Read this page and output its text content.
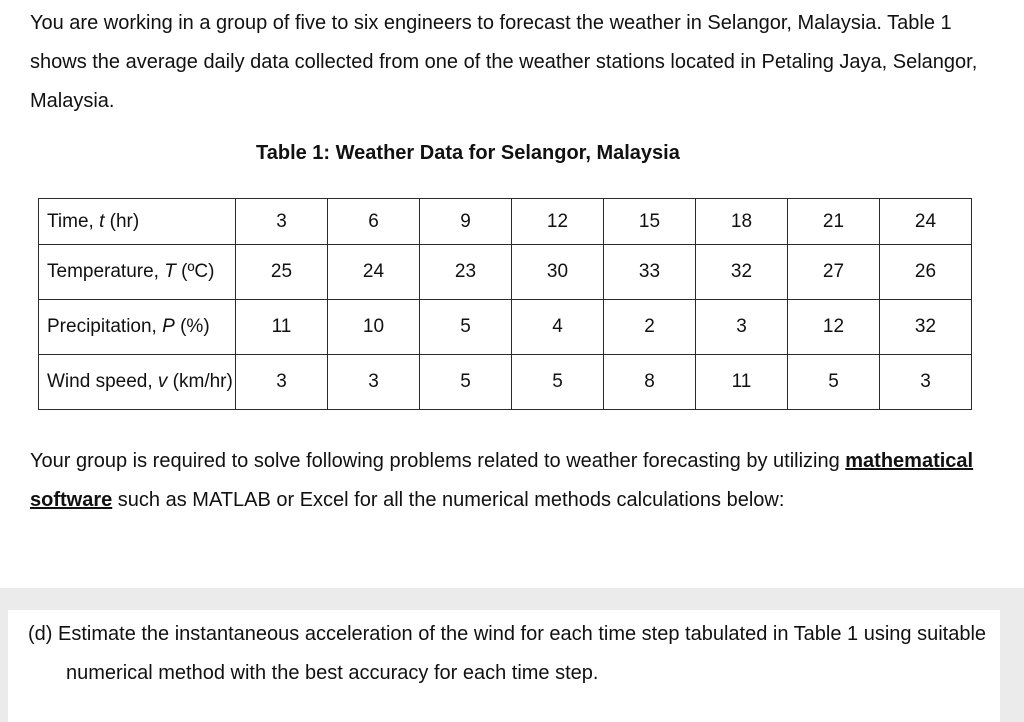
You are working in a group of five to six engineers to forecast the weather in Selangor, Malaysia. Table 1 shows the average daily data collected from one of the weather stations located in Petaling Jaya, Selangor, Malaysia.

Table 1: Weather Data for Selangor, Malaysia

Time, t (hr)	3	6	9	12	15	18	21	24
Temperature, T (ºC)	25	24	23	30	33	32	27	26
Precipitation, P (%)	11	10	5	4	2	3	12	32
Wind speed, v (km/hr)	3	3	5	5	8	11	5	3

Your group is required to solve following problems related to weather forecasting by utilizing mathematical software such as MATLAB or Excel for all the numerical methods calculations below:

(d) Estimate the instantaneous acceleration of the wind for each time step tabulated in Table 1 using suitable numerical method with the best accuracy for each time step.
